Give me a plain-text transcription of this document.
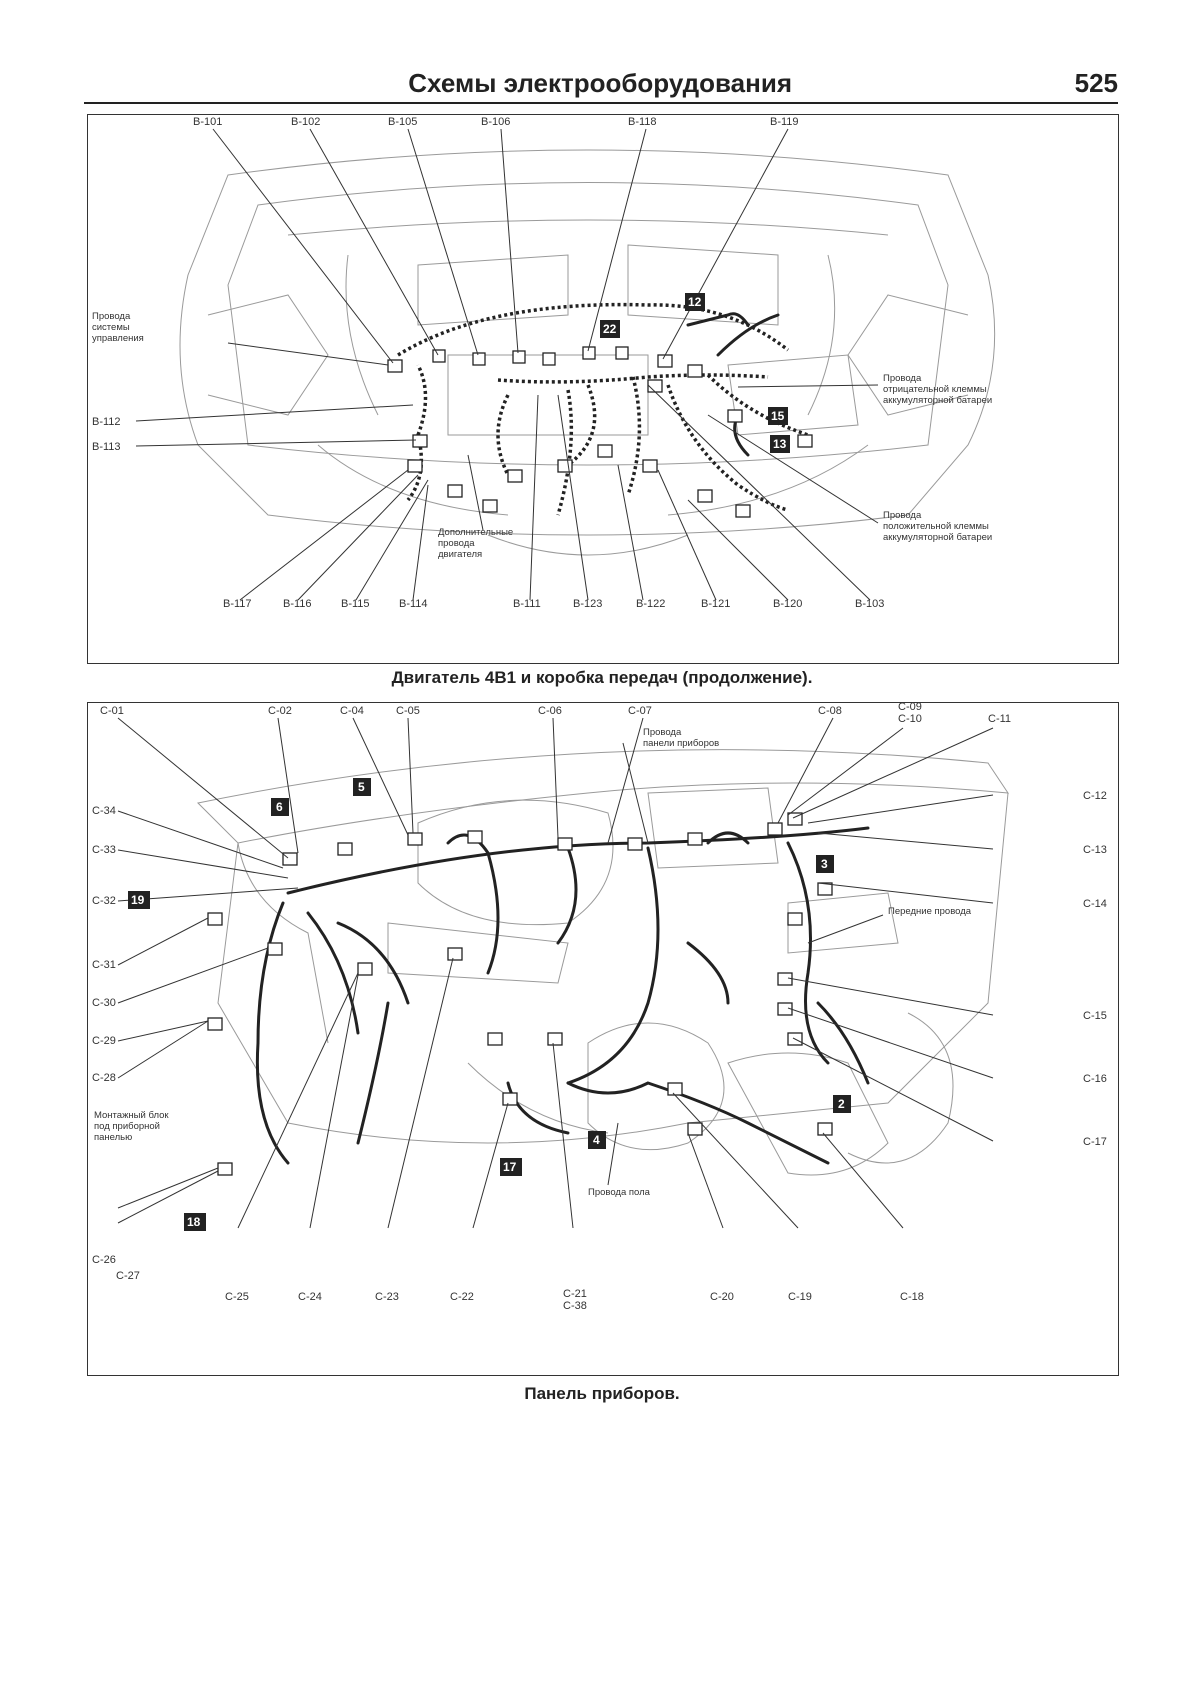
Схемы электрооборудования	525
12
22
15
13
B-101	B-102	B-105	B-106	B-118	B-119
B-112
B-113
B-117	B-116	B-115	B-114	B-111	B-123	B-122	B-121	B-120	B-103
Провода
системы
управления
Провода
отрицательной клеммы
аккумуляторной батареи
Провода
положительной клеммы
аккумуляторной батареи
Дополнительные
провода
двигателя
Двигатель 4B1 и коробка передач (продолжение).
6
5
3
19
2
4
17
18
C-01	C-02	C-04	C-05	C-06	C-07	C-08	C-09
C-10	C-11
C-34
C-33
C-32
C-31
C-30
C-29
C-28
C-12
C-13
C-14
C-15
C-16
C-17
C-26
C-27
C-25	C-24	C-23	C-22	C-21
C-38
C-20	C-19	C-18
Провода
панели приборов
Передние провода
Провода пола
Монтажный блок
под приборной
панелью
Панель приборов.
